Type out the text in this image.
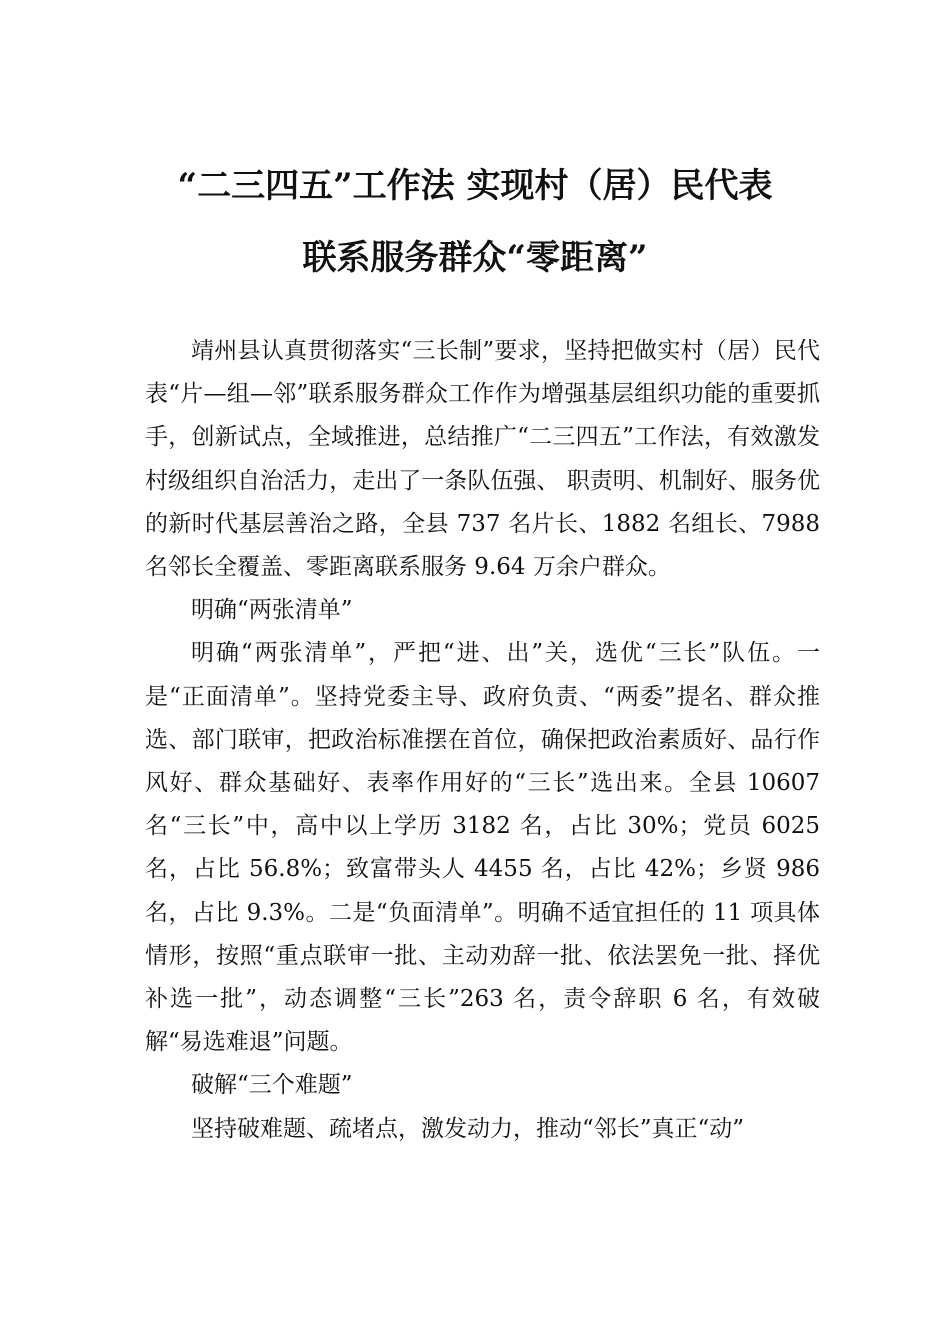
“二三四五”工作法 实现村（居）民代表
联系服务群众“零距离”

靖州县认真贯彻落实“三长制”要求，坚持把做实村（居）民代表“片—组—邻”联系服务群众工作作为增强基层组织功能的重要抓手，创新试点，全域推进，总结推广“二三四五”工作法，有效激发村级组织自治活力，走出了一条队伍强、 职责明、机制好、服务优的新时代基层善治之路，全县 737 名片长、1882 名组长、7988 名邻长全覆盖、零距离联系服务 9.64 万余户群众。

明确“两张清单”

明确“两张清单”，严把“进、出”关，选优“三长”队伍。一是“正面清单”。坚持党委主导、政府负责、“两委”提名、群众推选、部门联审，把政治标准摆在首位，确保把政治素质好、品行作风好、群众基础好、表率作用好的“三长”选出来。全县 10607 名“三长”中，高中以上学历 3182 名，占比 30%；党员 6025 名，占比 56.8%；致富带头人 4455 名，占比 42%；乡贤 986 名，占比 9.3%。二是“负面清单”。明确不适宜担任的 11 项具体情形，按照“重点联审一批、主动劝辞一批、依法罢免一批、择优补选一批”，动态调整“三长”263 名，责令辞职 6 名，有效破解“易选难退”问题。

破解“三个难题”

坚持破难题、疏堵点，激发动力，推动“邻长”真正“动”
